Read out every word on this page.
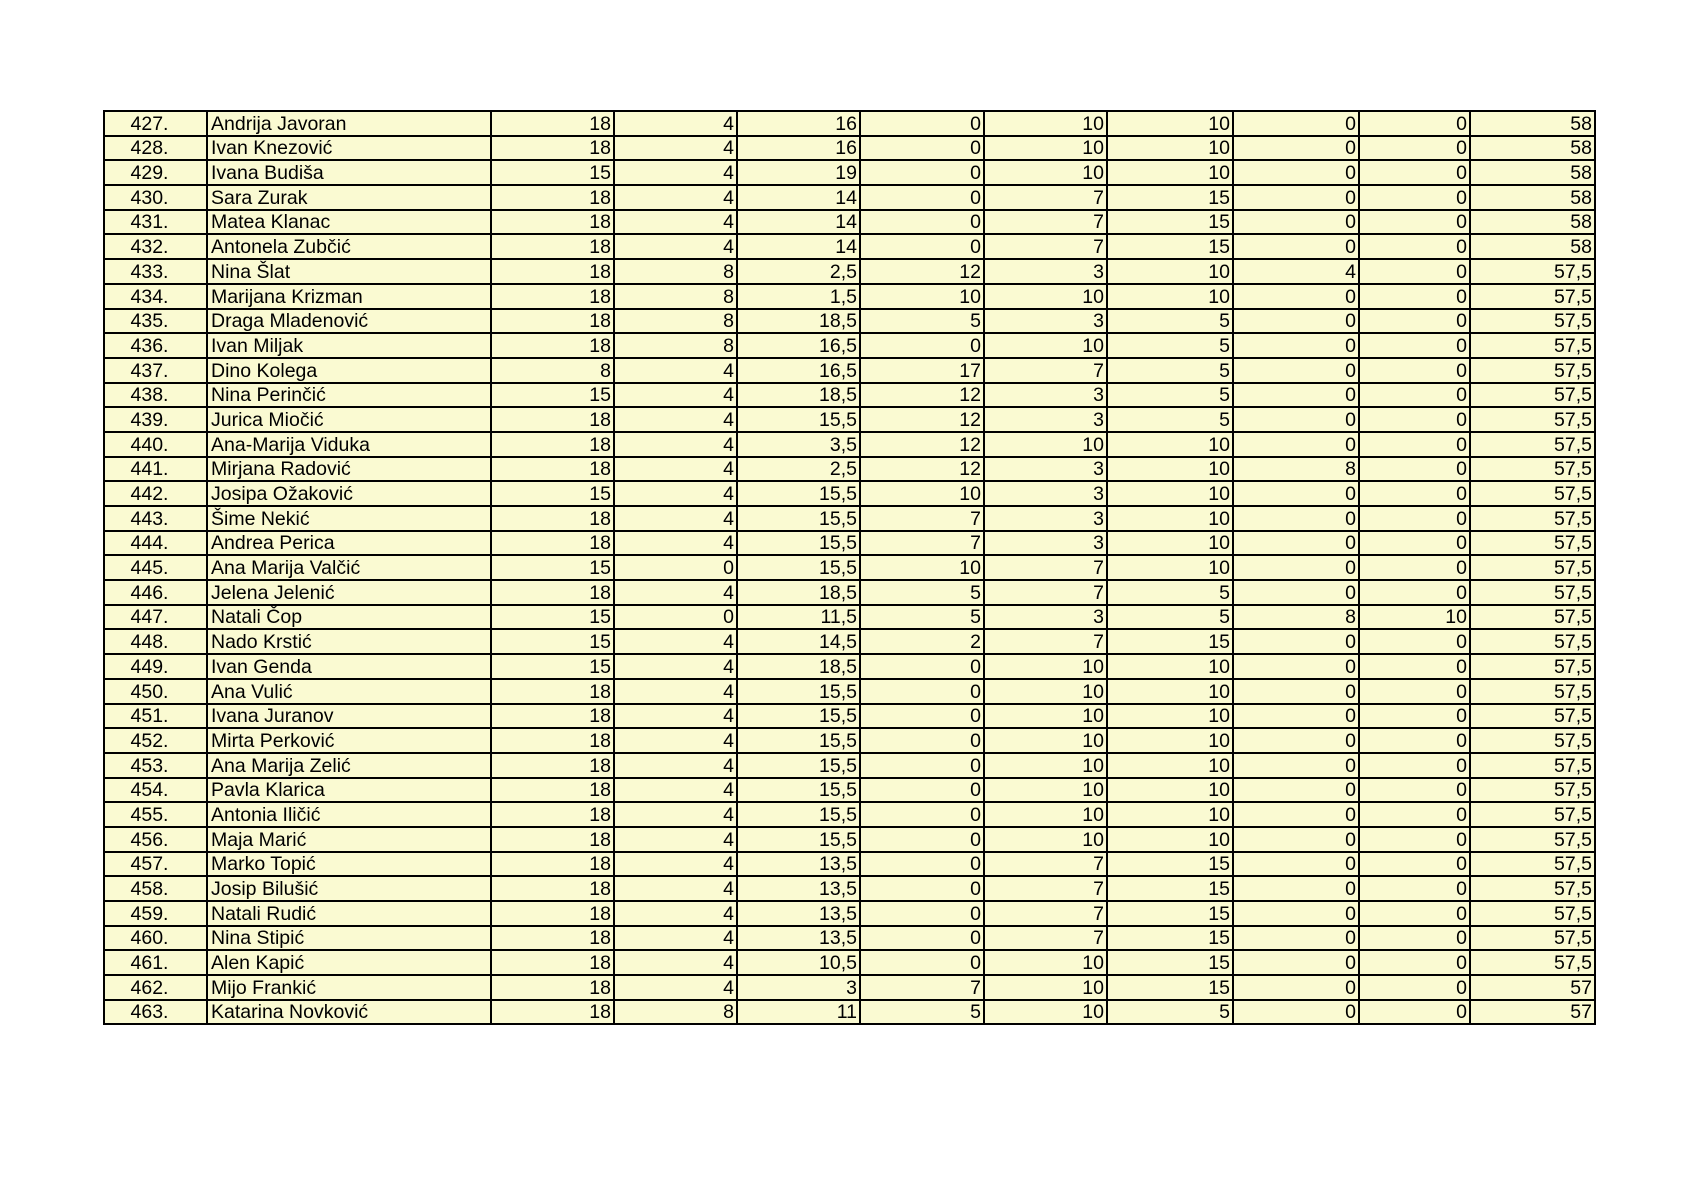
427.	Andrija Javoran	18	4	16	0	10	10	0	0	58
428.	Ivan Knezović	18	4	16	0	10	10	0	0	58
429.	Ivana Budiša	15	4	19	0	10	10	0	0	58
430.	Sara Zurak	18	4	14	0	7	15	0	0	58
431.	Matea Klanac	18	4	14	0	7	15	0	0	58
432.	Antonela Zubčić	18	4	14	0	7	15	0	0	58
433.	Nina Šlat	18	8	2,5	12	3	10	4	0	57,5
434.	Marijana Krizman	18	8	1,5	10	10	10	0	0	57,5
435.	Draga Mladenović	18	8	18,5	5	3	5	0	0	57,5
436.	Ivan Miljak	18	8	16,5	0	10	5	0	0	57,5
437.	Dino Kolega	8	4	16,5	17	7	5	0	0	57,5
438.	Nina Perinčić	15	4	18,5	12	3	5	0	0	57,5
439.	Jurica Miočić	18	4	15,5	12	3	5	0	0	57,5
440.	Ana-Marija Viduka	18	4	3,5	12	10	10	0	0	57,5
441.	Mirjana Radović	18	4	2,5	12	3	10	8	0	57,5
442.	Josipa Ožaković	15	4	15,5	10	3	10	0	0	57,5
443.	Šime Nekić	18	4	15,5	7	3	10	0	0	57,5
444.	Andrea Perica	18	4	15,5	7	3	10	0	0	57,5
445.	Ana Marija Valčić	15	0	15,5	10	7	10	0	0	57,5
446.	Jelena Jelenić	18	4	18,5	5	7	5	0	0	57,5
447.	Natali Čop	15	0	11,5	5	3	5	8	10	57,5
448.	Nado Krstić	15	4	14,5	2	7	15	0	0	57,5
449.	Ivan Genda	15	4	18,5	0	10	10	0	0	57,5
450.	Ana Vulić	18	4	15,5	0	10	10	0	0	57,5
451.	Ivana Juranov	18	4	15,5	0	10	10	0	0	57,5
452.	Mirta Perković	18	4	15,5	0	10	10	0	0	57,5
453.	Ana Marija Zelić	18	4	15,5	0	10	10	0	0	57,5
454.	Pavla Klarica	18	4	15,5	0	10	10	0	0	57,5
455.	Antonia Iličić	18	4	15,5	0	10	10	0	0	57,5
456.	Maja Marić	18	4	15,5	0	10	10	0	0	57,5
457.	Marko Topić	18	4	13,5	0	7	15	0	0	57,5
458.	Josip Bilušić	18	4	13,5	0	7	15	0	0	57,5
459.	Natali Rudić	18	4	13,5	0	7	15	0	0	57,5
460.	Nina Stipić	18	4	13,5	0	7	15	0	0	57,5
461.	Alen Kapić	18	4	10,5	0	10	15	0	0	57,5
462.	Mijo Frankić	18	4	3	7	10	15	0	0	57
463.	Katarina Novković	18	8	11	5	10	5	0	0	57
